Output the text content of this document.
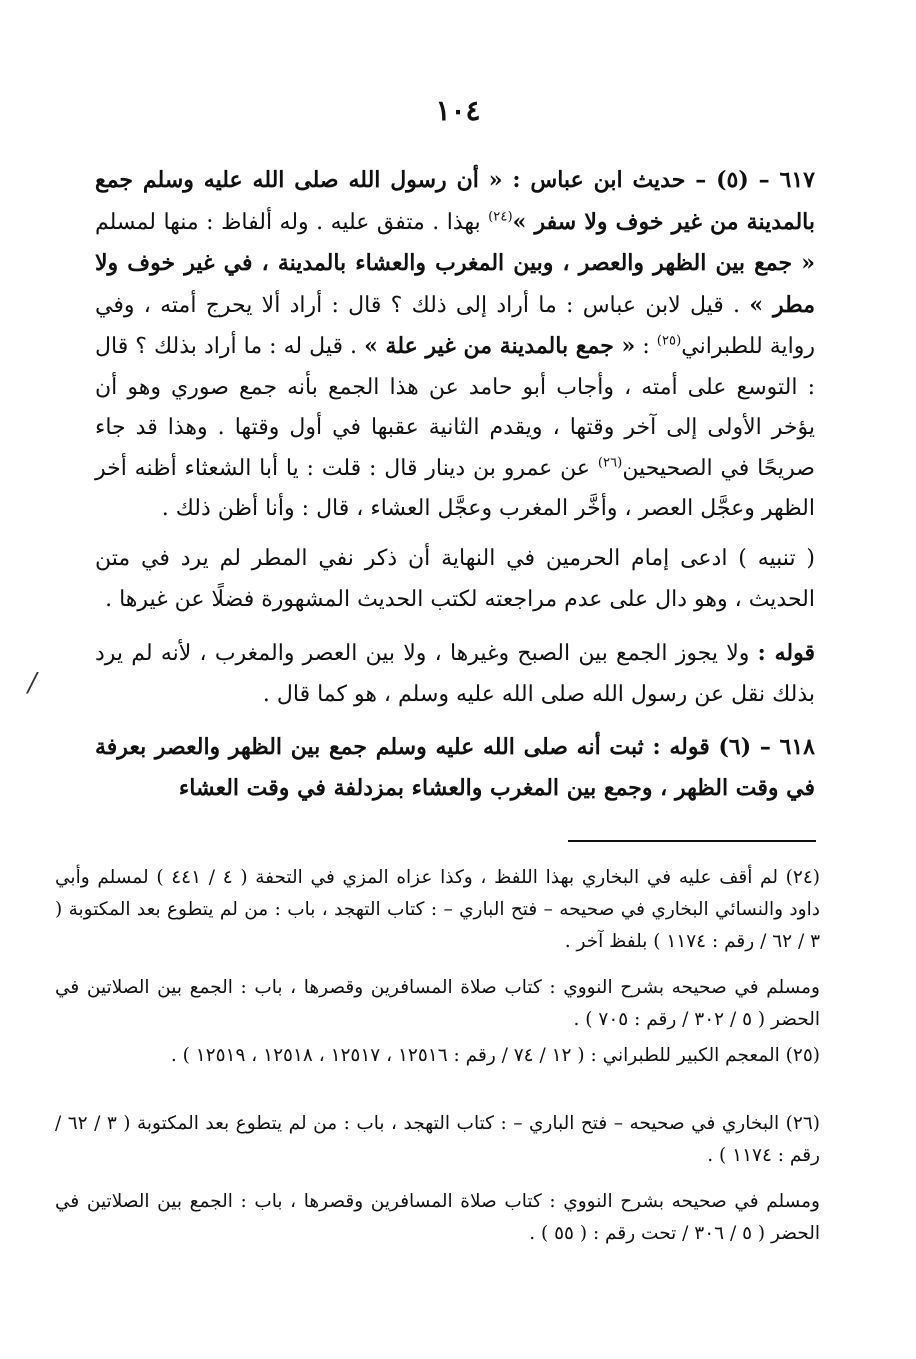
١٠٤

٦١٧ – (٥) – حديث ابن عباس : « أن رسول الله صلى الله عليه وسلم جمع بالمدينة من غير خوف ولا سفر »$^{(٢٤)}$ بهذا . متفق عليه . وله ألفاظ : منها لمسلم « جمع بين الظهر والعصر ، وبين المغرب والعشاء بالمدينة ، في غير خوف ولا مطر » . قيل لابن عباس : ما أراد إلى ذلك ؟ قال : أراد ألا يحرج أمته ، وفي رواية للطبراني$^{(٢٥)}$ : « جمع بالمدينة من غير علة » . قيل له : ما أراد بذلك ؟ قال : التوسع على أمته ، وأجاب أبو حامد عن هذا الجمع بأنه جمع صوري وهو أن يؤخر الأولى إلى آخر وقتها ، ويقدم الثانية عقبها في أول وقتها . وهذا قد جاء صريحًا في الصحيحين$^{(٢٦)}$ عن عمرو بن دينار قال : قلت : يا أبا الشعثاء أظنه أخر الظهر وعجَّل العصر ، وأخَّر المغرب وعجَّل العشاء ، قال : وأنا أظن ذلك .

( تنبيه ) ادعى إمام الحرمين في النهاية أن ذكر نفي المطر لم يرد في متن الحديث ، وهو دال على عدم مراجعته لكتب الحديث المشهورة فضلًا عن غيرها .

قوله : ولا يجوز الجمع بين الصبح وغيرها ، ولا بين العصر والمغرب ، لأنه لم يرد بذلك نقل عن رسول الله صلى الله عليه وسلم ، هو كما قال .

٦١٨ – (٦) قوله : ثبت أنه صلى الله عليه وسلم جمع بين الظهر والعصر بعرفة في وقت الظهر ، وجمع بين المغرب والعشاء بمزدلفة في وقت العشاء

(٢٤) لم أقف عليه في البخاري بهذا اللفظ ، وكذا عزاه المزي في التحفة ( ٤ / ٤٤١ ) لمسلم وأبي داود والنسائي البخاري في صحيحه – فتح الباري – : كتاب التهجد ، باب : من لم يتطوع بعد المكتوبة ( ٣ / ٦٢ / رقم : ١١٧٤ ) بلفظ آخر .

ومسلم في صحيحه بشرح النووي : كتاب صلاة المسافرين وقصرها ، باب : الجمع بين الصلاتين في الحضر ( ٥ / ٣٠٢ / رقم : ٧٠٥ ) .

(٢٥) المعجم الكبير للطبراني : ( ١٢ / ٧٤ / رقم : ١٢٥١٦ ، ١٢٥١٧ ، ١٢٥١٨ ، ١٢٥١٩ ) .

(٢٦) البخاري في صحيحه – فتح الباري – : كتاب التهجد ، باب : من لم يتطوع بعد المكتوبة ( ٣ / ٦٢ / رقم : ١١٧٤ ) .

ومسلم في صحيحه بشرح النووي : كتاب صلاة المسافرين وقصرها ، باب : الجمع بين الصلاتين في الحضر ( ٥ / ٣٠٦ / تحت رقم : ( ٥٥ ) .

/
